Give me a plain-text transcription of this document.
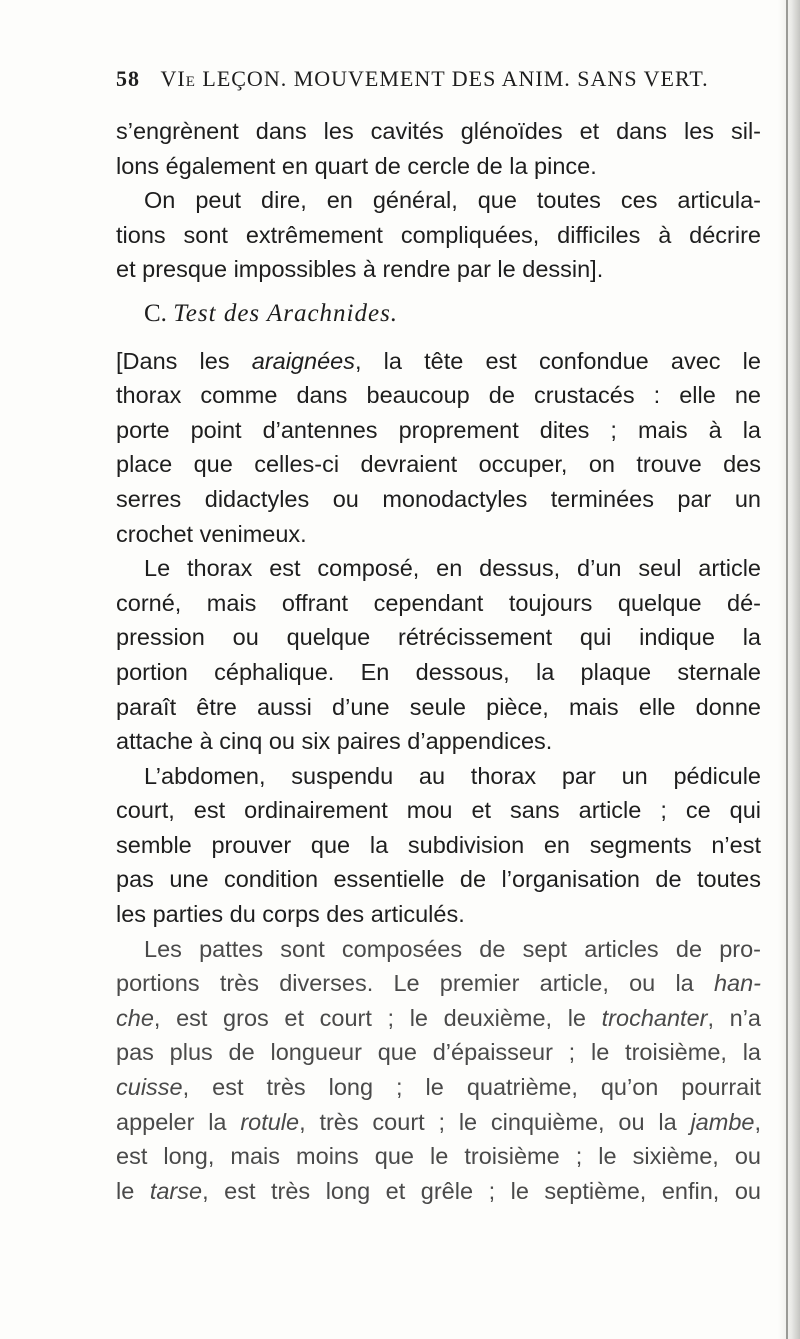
58 VIe LEÇON. MOUVEMENT DES ANIM. SANS VERT.
s’engrènent dans les cavités glénoïdes et dans les sil-
lons également en quart de cercle de la pince.
On peut dire, en général, que toutes ces articula-
tions sont extrêmement compliquées, difficiles à décrire
et presque impossibles à rendre par le dessin].
C. Test des Arachnides.
[Dans les araignées, la tête est confondue avec le
thorax comme dans beaucoup de crustacés : elle ne
porte point d’antennes proprement dites ; mais à la
place que celles-ci devraient occuper, on trouve des
serres didactyles ou monodactyles terminées par un
crochet venimeux.
Le thorax est composé, en dessus, d’un seul article
corné, mais offrant cependant toujours quelque dé-
pression ou quelque rétrécissement qui indique la
portion céphalique. En dessous, la plaque sternale
paraît être aussi d’une seule pièce, mais elle donne
attache à cinq ou six paires d’appendices.
L’abdomen, suspendu au thorax par un pédicule
court, est ordinairement mou et sans article ; ce qui
semble prouver que la subdivision en segments n’est
pas une condition essentielle de l’organisation de toutes
les parties du corps des articulés.
Les pattes sont composées de sept articles de pro-
portions très diverses. Le premier article, ou la han-
che, est gros et court ; le deuxième, le trochanter, n’a
pas plus de longueur que d’épaisseur ; le troisième, la
cuisse, est très long ; le quatrième, qu’on pourrait
appeler la rotule, très court ; le cinquième, ou la jambe,
est long, mais moins que le troisième ; le sixième, ou
le tarse, est très long et grêle ; le septième, enfin, ou
